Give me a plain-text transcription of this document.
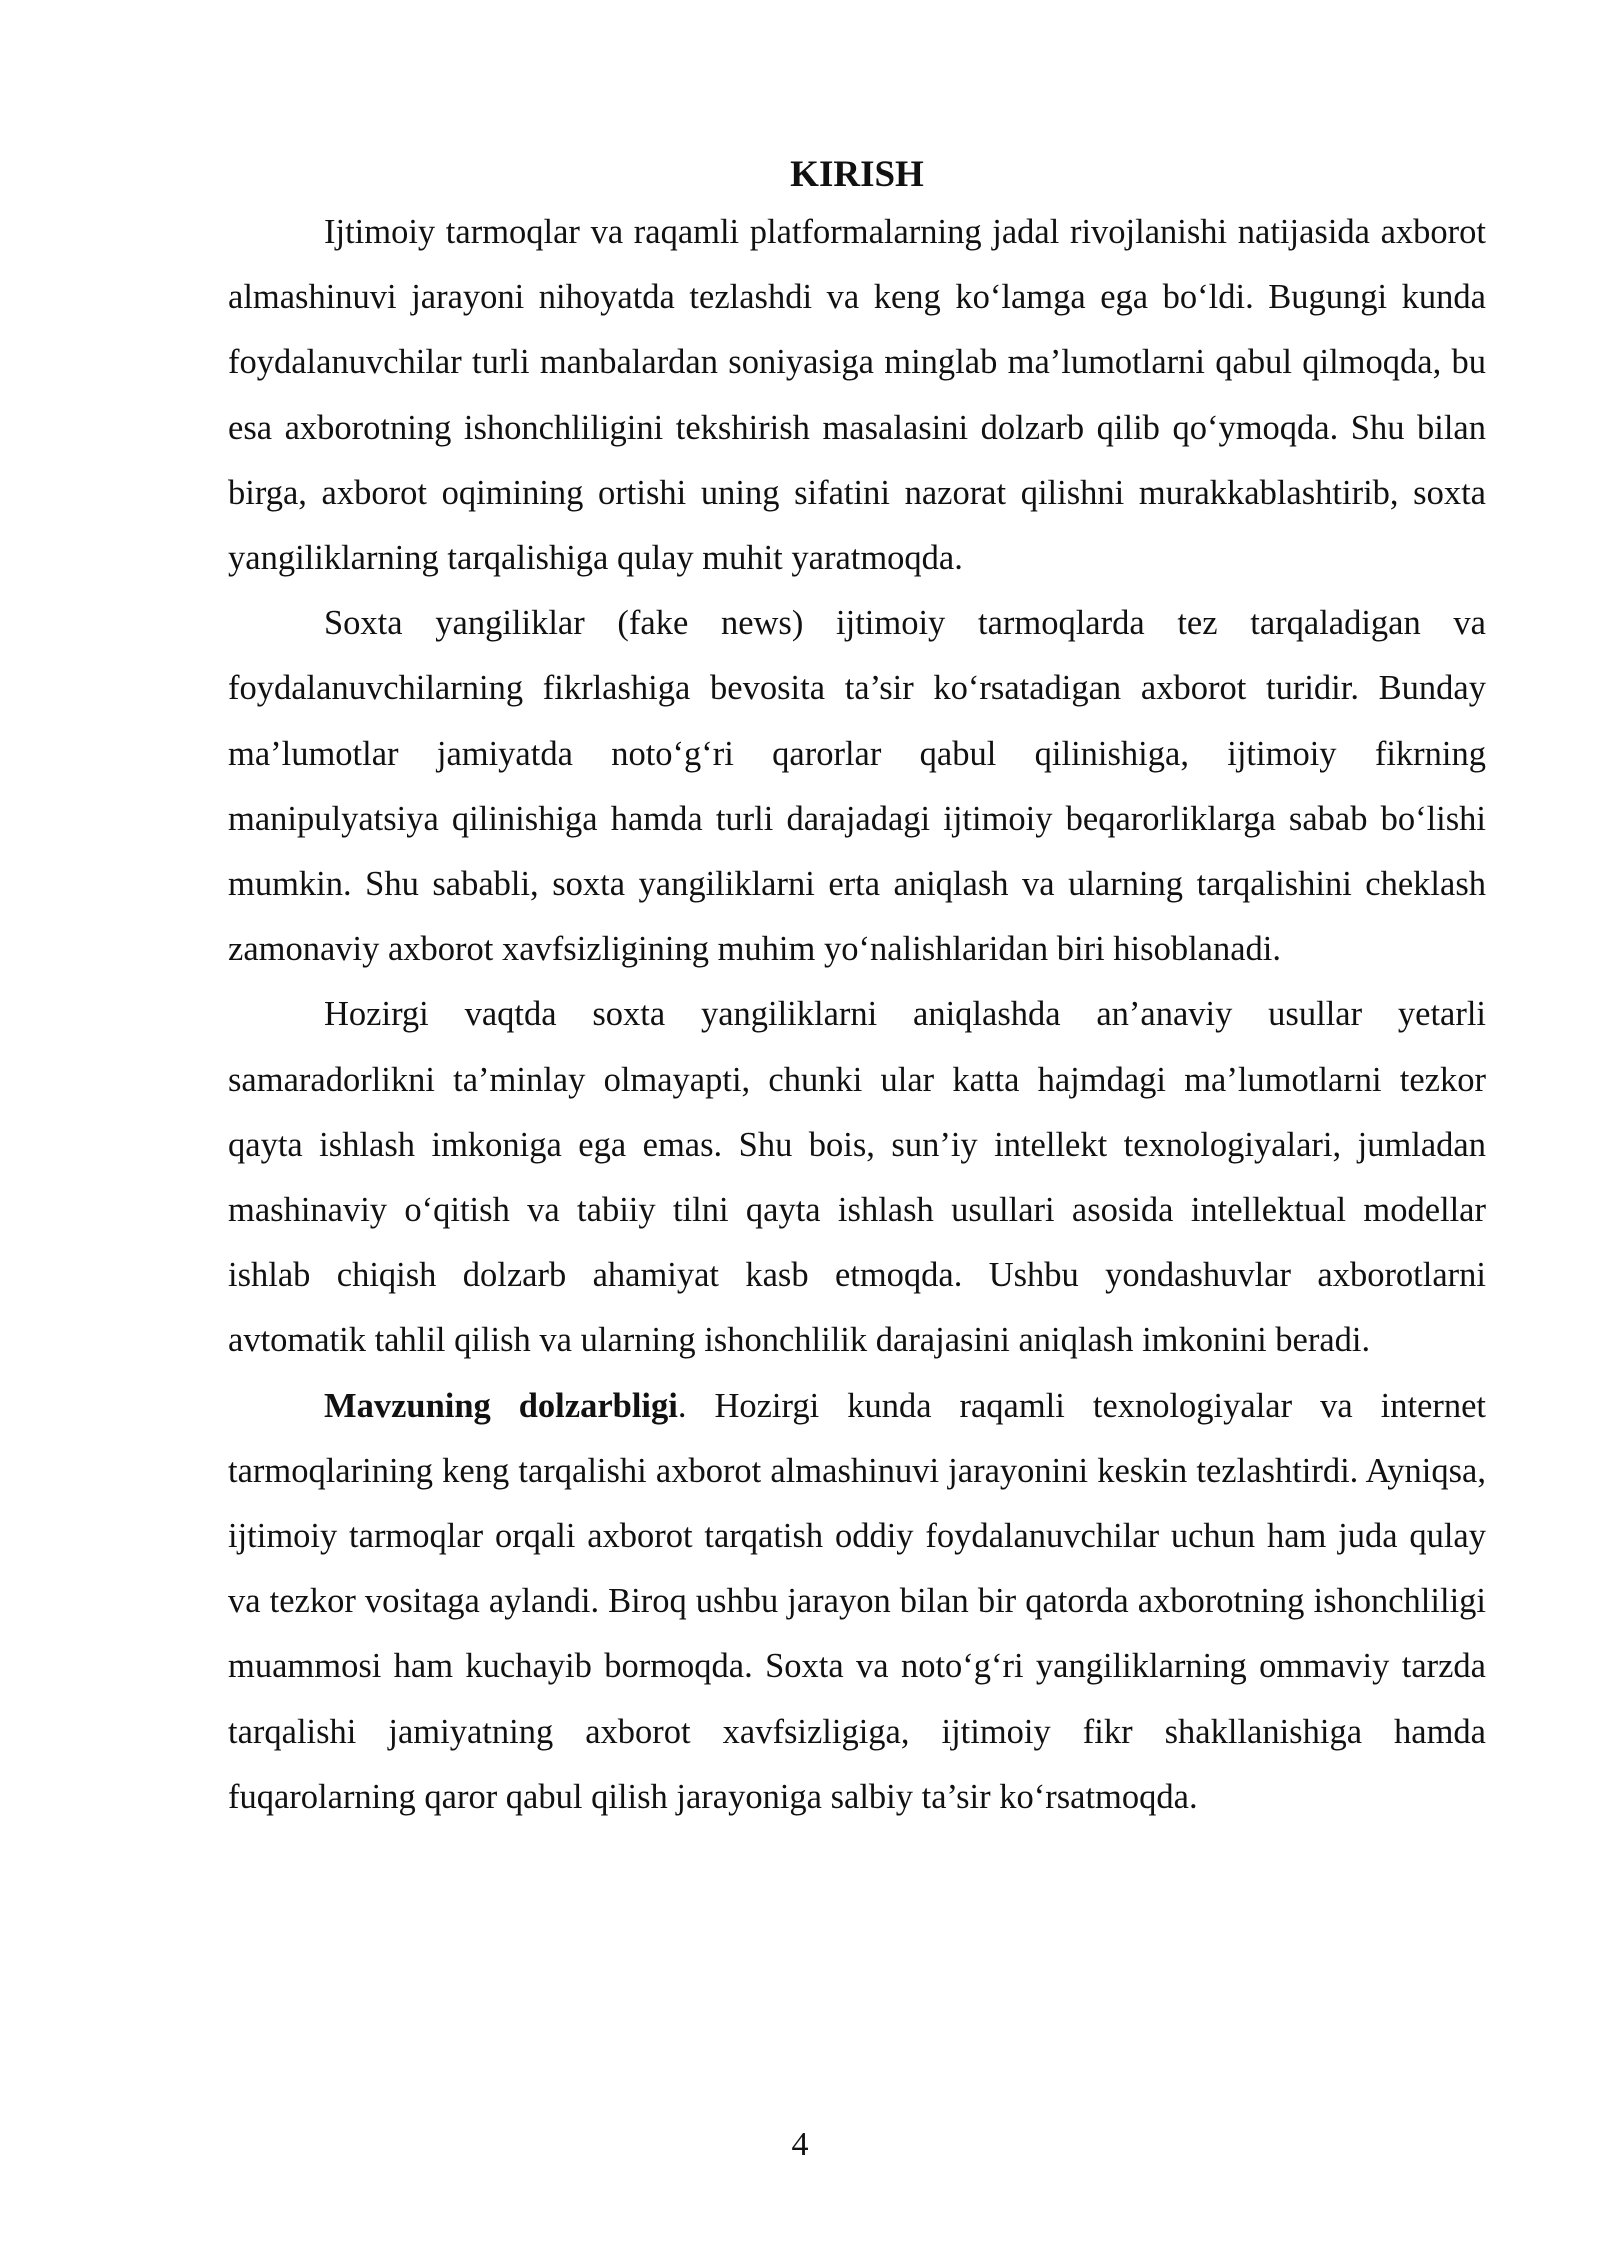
KIRISH

Ijtimoiy tarmoqlar va raqamli platformalarning jadal rivojlanishi natijasida axborot almashinuvi jarayoni nihoyatda tezlashdi va keng ko‘lamga ega bo‘ldi. Bugungi kunda foydalanuvchilar turli manbalardan soniyasiga minglab ma’lumotlarni qabul qilmoqda, bu esa axborotning ishonchliligini tekshirish masalasini dolzarb qilib qo‘ymoqda. Shu bilan birga, axborot oqimining ortishi uning sifatini nazorat qilishni murakkablashtirib, soxta yangiliklarning tarqalishiga qulay muhit yaratmoqda.

Soxta yangiliklar (fake news) ijtimoiy tarmoqlarda tez tarqaladigan va foydalanuvchilarning fikrlashiga bevosita ta’sir ko‘rsatadigan axborot turidir. Bunday ma’lumotlar jamiyatda noto‘g‘ri qarorlar qabul qilinishiga, ijtimoiy fikrning manipulyatsiya qilinishiga hamda turli darajadagi ijtimoiy beqarorliklarga sabab bo‘lishi mumkin. Shu sababli, soxta yangiliklarni erta aniqlash va ularning tarqalishini cheklash zamonaviy axborot xavfsizligining muhim yo‘nalishlaridan biri hisoblanadi.

Hozirgi vaqtda soxta yangiliklarni aniqlashda an’anaviy usullar yetarli samaradorlikni ta’minlay olmayapti, chunki ular katta hajmdagi ma’lumotlarni tezkor qayta ishlash imkoniga ega emas. Shu bois, sun’iy intellekt texnologiyalari, jumladan mashinaviy o‘qitish va tabiiy tilni qayta ishlash usullari asosida intellektual modellar ishlab chiqish dolzarb ahamiyat kasb etmoqda. Ushbu yondashuvlar axborotlarni avtomatik tahlil qilish va ularning ishonchlilik darajasini aniqlash imkonini beradi.

Mavzuning dolzarbligi. Hozirgi kunda raqamli texnologiyalar va internet tarmoqlarining keng tarqalishi axborot almashinuvi jarayonini keskin tezlashtirdi. Ayniqsa, ijtimoiy tarmoqlar orqali axborot tarqatish oddiy foydalanuvchilar uchun ham juda qulay va tezkor vositaga aylandi. Biroq ushbu jarayon bilan bir qatorda axborotning ishonchliligi muammosi ham kuchayib bormoqda. Soxta va noto‘g‘ri yangiliklarning ommaviy tarzda tarqalishi jamiyatning axborot xavfsizligiga, ijtimoiy fikr shakllanishiga hamda fuqarolarning qaror qabul qilish jarayoniga salbiy ta’sir ko‘rsatmoqda.

4
